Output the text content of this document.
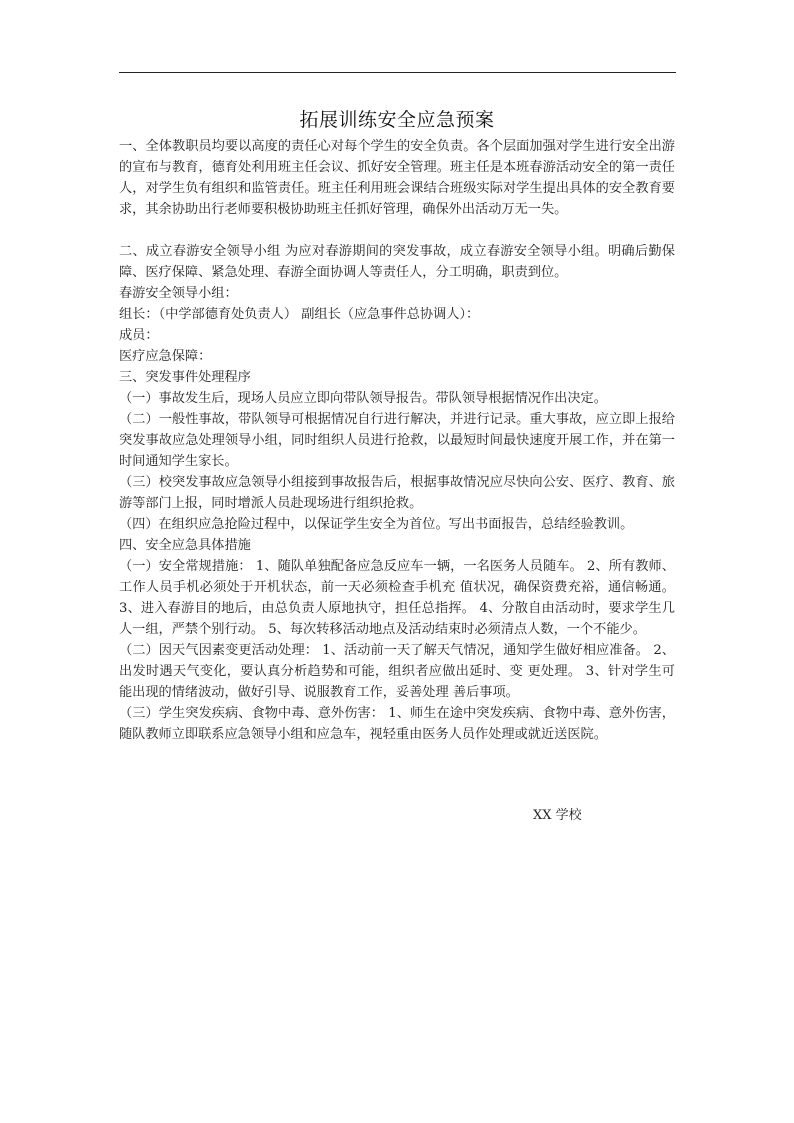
拓展训练安全应急预案

一、全体教职员均要以高度的责任心对每个学生的安全负责。各个层面加强对学生进行安全出游的宣布与教育，德育处利用班主任会议、抓好安全管理。班主任是本班春游活动安全的第一责任人，对学生负有组织和监管责任。班主任利用班会课结合班级实际对学生提出具体的安全教育要求，其余协助出行老师要积极协助班主任抓好管理，确保外出活动万无一失。

二、成立春游安全领导小组 为应对春游期间的突发事故，成立春游安全领导小组。明确后勤保障、医疗保障、紧急处理、春游全面协调人等责任人，分工明确，职责到位。

春游安全领导小组：

组长：（中学部德育处负责人） 副组长（应急事件总协调人）：

成员：

医疗应急保障：

三、突发事件处理程序

（一）事故发生后，现场人员应立即向带队领导报告。带队领导根据情况作出决定。

（二）一般性事故，带队领导可根据情况自行进行解决，并进行记录。重大事故，应立即上报给突发事故应急处理领导小组，同时组织人员进行抢救，以最短时间最快速度开展工作，并在第一时间通知学生家长。

（三）校突发事故应急领导小组接到事故报告后，根据事故情况应尽快向公安、医疗、教育、旅游等部门上报，同时增派人员赴现场进行组织抢救。

（四）在组织应急抢险过程中，以保证学生安全为首位。写出书面报告，总结经验教训。

四、安全应急具体措施

（一）安全常规措施： 1、随队单独配备应急反应车一辆，一名医务人员随车。 2、所有教师、工作人员手机必须处于开机状态，前一天必须检查手机充 值状况，确保资费充裕，通信畅通。 3、进入春游目的地后，由总负责人原地执守，担任总指挥。 4、分散自由活动时，要求学生几人一组，严禁个别行动。 5、每次转移活动地点及活动结束时必须清点人数，一个不能少。

（二）因天气因素变更活动处理： 1、活动前一天了解天气情况，通知学生做好相应准备。 2、出发时遇天气变化，要认真分析趋势和可能，组织者应做出延时、变 更处理。 3、针对学生可能出现的情绪波动，做好引导、说服教育工作，妥善处理 善后事项。

（三）学生突发疾病、食物中毒、意外伤害： 1、师生在途中突发疾病、食物中毒、意外伤害，随队教师立即联系应急领导小组和应急车，视轻重由医务人员作处理或就近送医院。

XX 学校
